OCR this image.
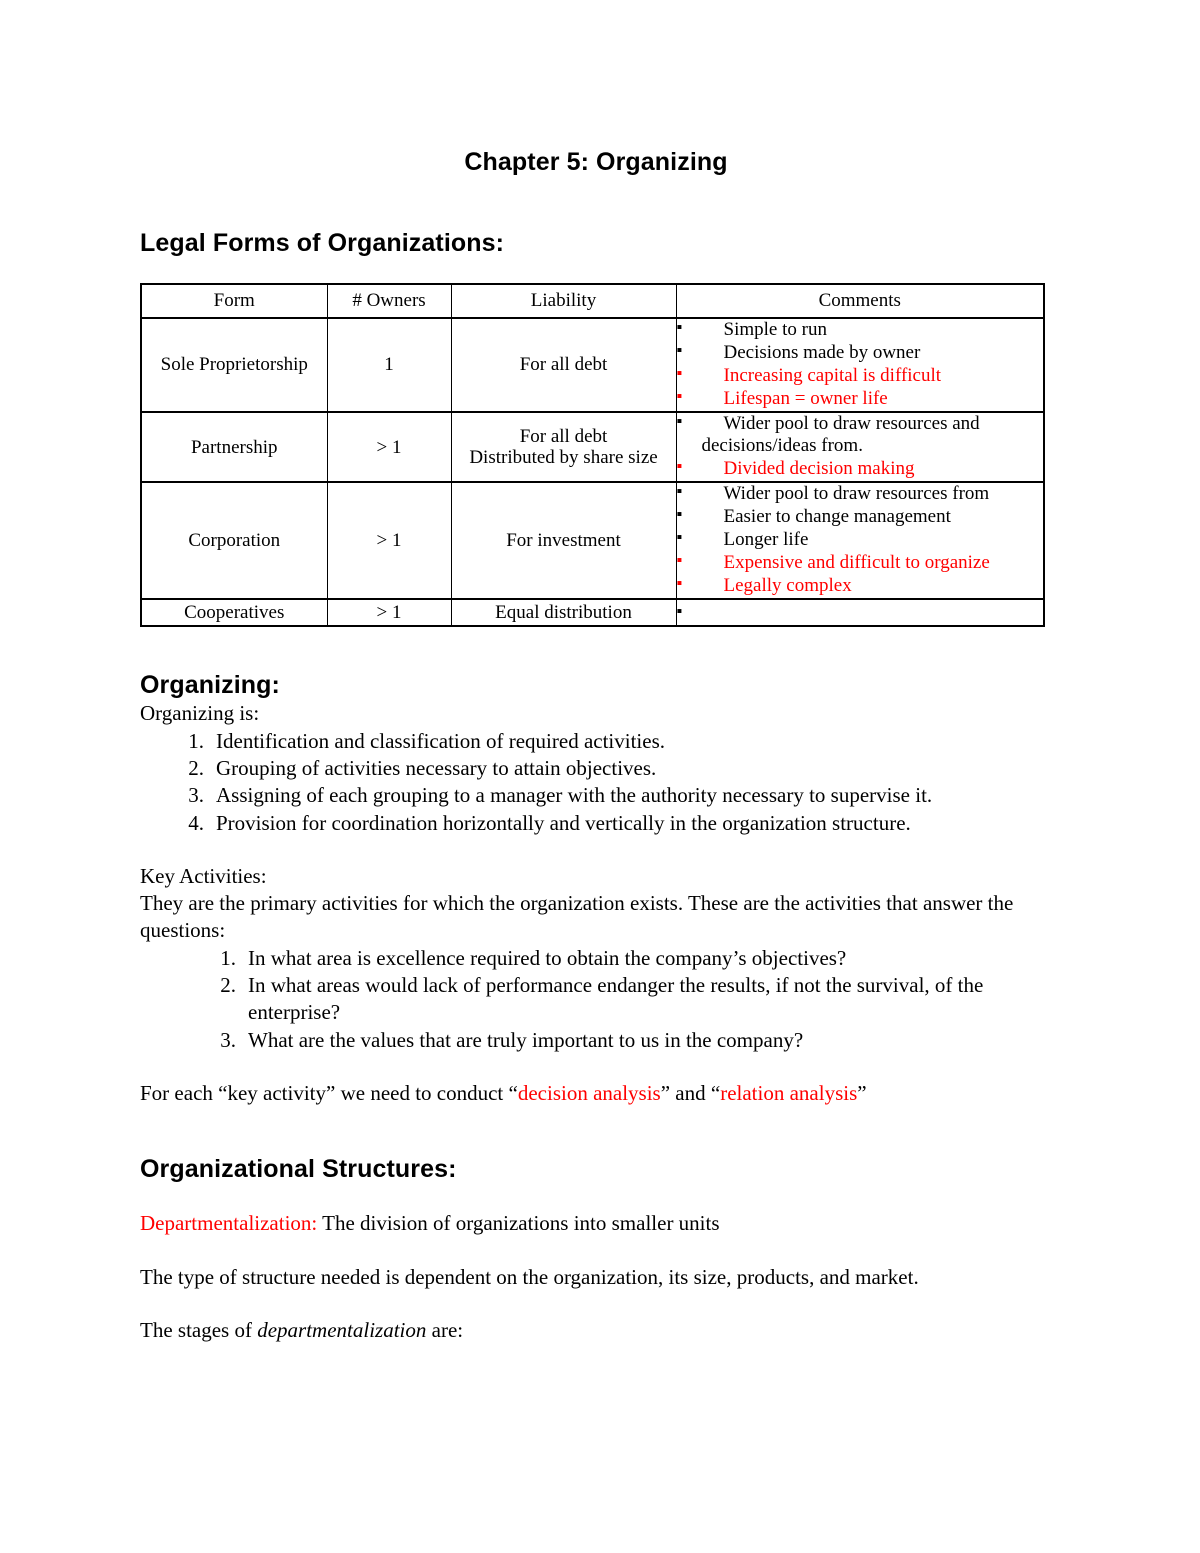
Chapter 5: Organizing
Legal Forms of Organizations:
Form	# Owners	Liability	Comments
Sole Proprietorship	1	For all debt	
▪ Simple to run
▪ Decisions made by owner
▪ Increasing capital is difficult
▪ Lifespan = owner life

Partnership	> 1	For all debt
Distributed by share size	
▪ Wider pool to draw resources and decisions/ideas from.
▪ Divided decision making

Corporation	> 1	For investment	
▪ Wider pool to draw resources from
▪ Easier to change management
▪ Longer life
▪ Expensive and difficult to organize
▪ Legally complex

Cooperatives	> 1	Equal distribution	
▪
Organizing:

Organizing is:

1. Identification and classification of required activities.
2. Grouping of activities necessary to attain objectives.
3. Assigning of each grouping to a manager with the authority necessary to supervise it.
4. Provision for coordination horizontally and vertically in the organization structure.

Key Activities:

They are the primary activities for which the organization exists. These are the activities that answer the questions:

1. In what area is excellence required to obtain the company’s objectives?
2. In what areas would lack of performance endanger the results, if not the survival, of the enterprise?
3. What are the values that are truly important to us in the company?

For each “key activity” we need to conduct “decision analysis” and “relation analysis”

Organizational Structures:

Departmentalization: The division of organizations into smaller units

The type of structure needed is dependent on the organization, its size, products, and market.

The stages of departmentalization are:
